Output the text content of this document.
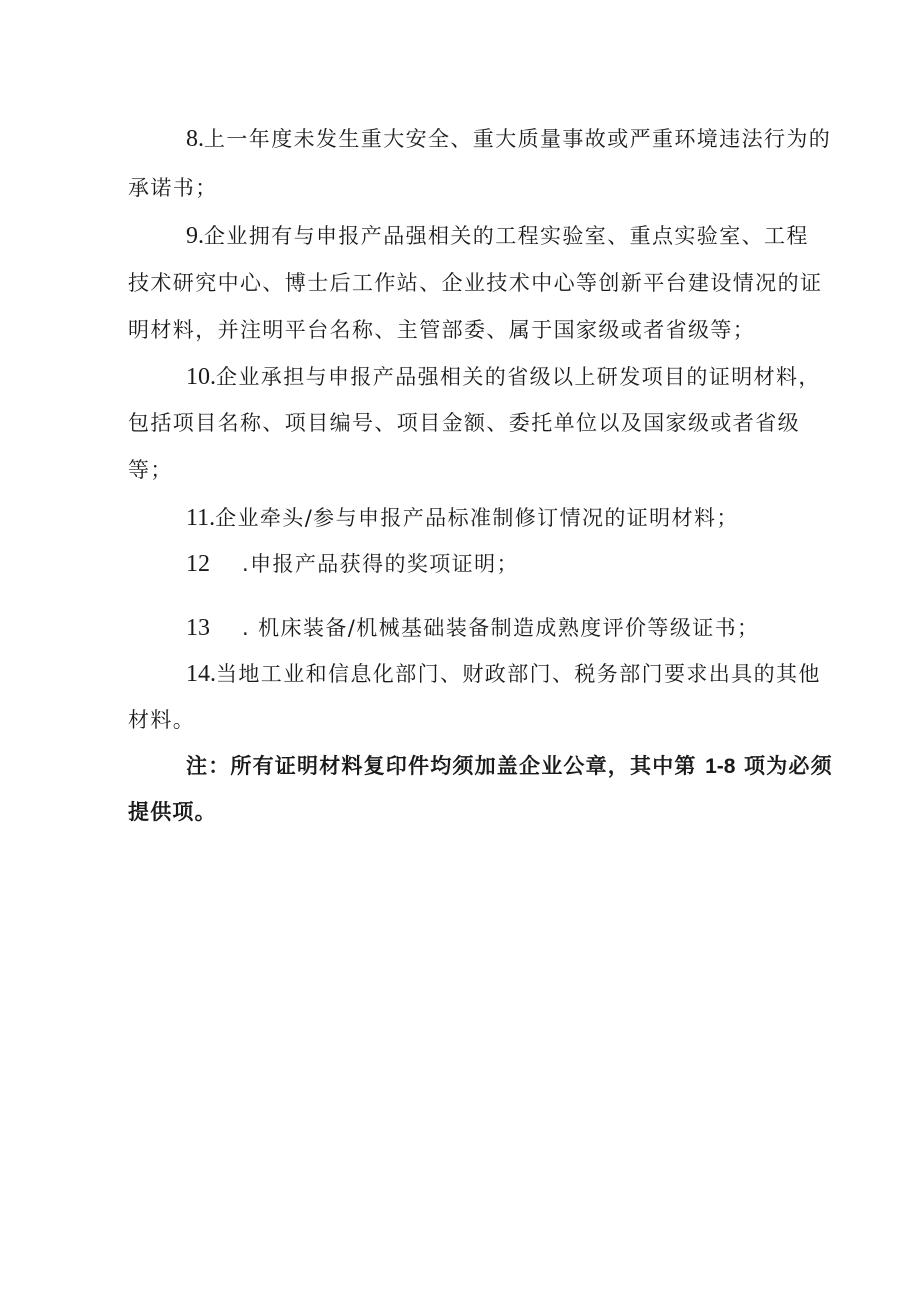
8.上一年度未发生重大安全、重大质量事故或严重环境违法行为的
承诺书；
9.企业拥有与申报产品强相关的工程实验室、重点实验室、工程
技术研究中心、博士后工作站、企业技术中心等创新平台建设情况的证
明材料，并注明平台名称、主管部委、属于国家级或者省级等；
10.企业承担与申报产品强相关的省级以上研发项目的证明材料，
包括项目名称、项目编号、项目金额、委托单位以及国家级或者省级
等；
11.企业牵头/参与申报产品标准制修订情况的证明材料；
12 .申报产品获得的奖项证明；
13 . 机床装备/机械基础装备制造成熟度评价等级证书；
14.当地工业和信息化部门、财政部门、税务部门要求出具的其他
材料。
注：所有证明材料复印件均须加盖企业公章，其中第 1-8 项为必须
提供项。
